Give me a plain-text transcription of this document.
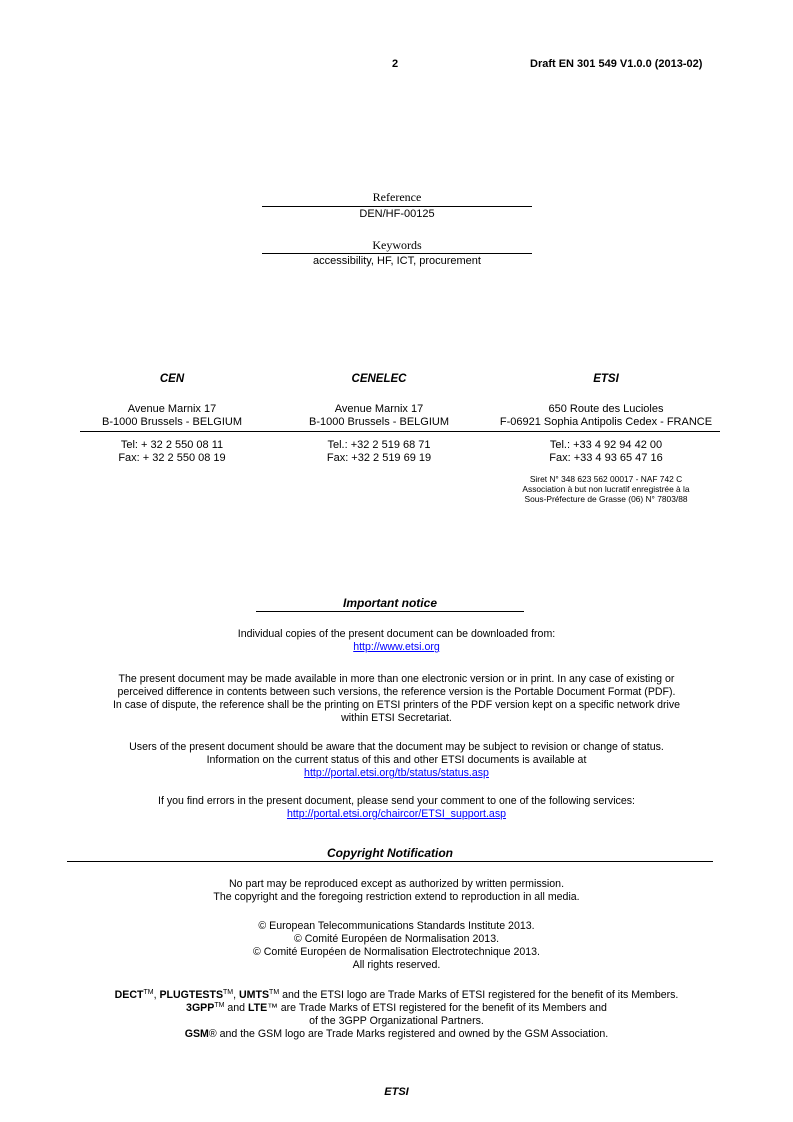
2	Draft EN 301 549 V1.0.0 (2013-02)
Reference
DEN/HF-00125
Keywords
accessibility, HF, ICT, procurement
CEN
Avenue Marnix 17
B-1000 Brussels - BELGIUM
Tel: + 32 2 550 08 11
Fax: + 32 2 550 08 19
CENELEC
Avenue Marnix 17
B-1000 Brussels - BELGIUM
Tel.: +32 2 519 68 71
Fax: +32 2 519 69 19
ETSI
650 Route des Lucioles
F-06921 Sophia Antipolis Cedex - FRANCE
Tel.: +33 4 92 94 42 00
Fax: +33 4 93 65 47 16
Siret N° 348 623 562 00017 - NAF 742 C
Association à but non lucratif enregistrée à la
Sous-Préfecture de Grasse (06) N° 7803/88
Important notice
Individual copies of the present document can be downloaded from:
http://www.etsi.org
The present document may be made available in more than one electronic version or in print. In any case of existing or
perceived difference in contents between such versions, the reference version is the Portable Document Format (PDF).
In case of dispute, the reference shall be the printing on ETSI printers of the PDF version kept on a specific network drive
within ETSI Secretariat.
Users of the present document should be aware that the document may be subject to revision or change of status.
Information on the current status of this and other ETSI documents is available at
http://portal.etsi.org/tb/status/status.asp
If you find errors in the present document, please send your comment to one of the following services:
http://portal.etsi.org/chaircor/ETSI_support.asp
Copyright Notification
No part may be reproduced except as authorized by written permission.
The copyright and the foregoing restriction extend to reproduction in all media.
© European Telecommunications Standards Institute 2013.
© Comité Européen de Normalisation 2013.
© Comité Européen de Normalisation Electrotechnique 2013.
All rights reserved.
DECT™, PLUGTESTS™, UMTS™ and the ETSI logo are Trade Marks of ETSI registered for the benefit of its Members.
3GPP™ and LTE™ are Trade Marks of ETSI registered for the benefit of its Members and
of the 3GPP Organizational Partners.
GSM® and the GSM logo are Trade Marks registered and owned by the GSM Association.
ETSI
